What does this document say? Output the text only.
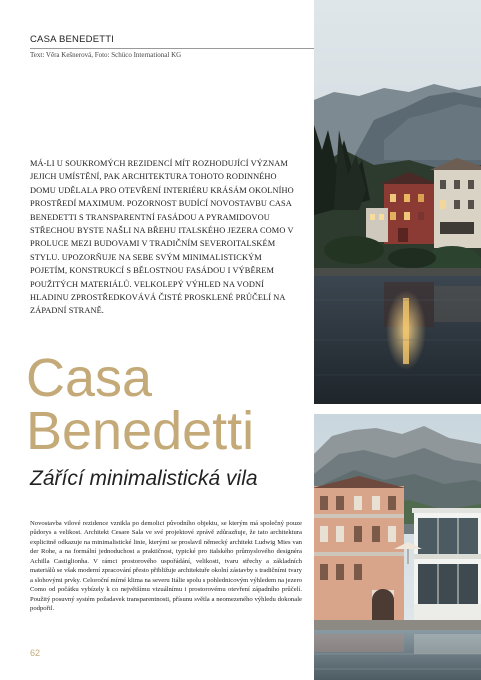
CASA BENEDETTI
Text: Věra Kešnerová, Foto: Schüco International KG
MÁ-LI U SOUKROMÝCH REZIDENCÍ MÍT ROZHODUJÍCÍ VÝZNAM JEJICH UMÍSTĚNÍ, PAK ARCHITEKTURA TOHOTO RODINNÉHO DOMU UDĚLALA PRO OTEVŘENÍ INTERIÉRU KRÁSÁM OKOLNÍHO PROSTŘEDÍ MAXIMUM. POZORNOST BUDÍCÍ NOVOSTAVBU CASA BENEDETTI S TRANSPARENTNÍ FASÁDOU A PYRAMIDOVOU STŘECHOU BYSTE NAŠLI NA BŘEHU ITALSKÉHO JEZERA COMO V PROLUCE MEZI BUDOVAMI V TRADIČNÍM SEVEROITALSKÉM STYLU. UPOZORŇUJE NA SEBE SVÝM MINIMALISTICKÝM POJETÍM, KONSTRUKCÍ S BĚLOSTNOU FASÁDOU I VÝBĚREM POUŽITÝCH MATERIÁLŮ. VELKOLEPÝ VÝHLED NA VODNÍ HLADINU ZPROSTŘEDKOVÁVÁ ČISTÉ PROSKLENÉ PRŮČELÍ NA ZÁPADNÍ STRANĚ.
Casa
Benedetti
Zářící minimalistická vila

Novostavba vilové rezidence vznikla po demolici původního objektu, se kterým má společný pouze půdorys a velikost. Architekt Cesare Sala ve své projektové zprávě zdůrazňuje, že tato architektura explicitně odkazuje na minimalistické linie, kterými se proslavil německý architekt Ludwig Mies van der Rohe, a na formální jednoduchost a praktičnost, typické pro italského průmyslového designéra Achilla Castiglionha. V rámci prostorového uspořádání, velikosti, tvaru střechy a základních materiálů se však moderní zpracování přesto přibližuje architektuře okolní zástavby s tradičními tvary a slohovými prvky. Celoroční mírné klima na severu Itálie spolu s pohlednicovým výhledem na jezero Como od počátku vybízely k co největšímu vizuálnímu i prostorovému otevření západního průčelí. Použitý posuvný systém požadavek transparentnosti, přísunu světla a neomezeného výhledu dokonale podpořil.

62
